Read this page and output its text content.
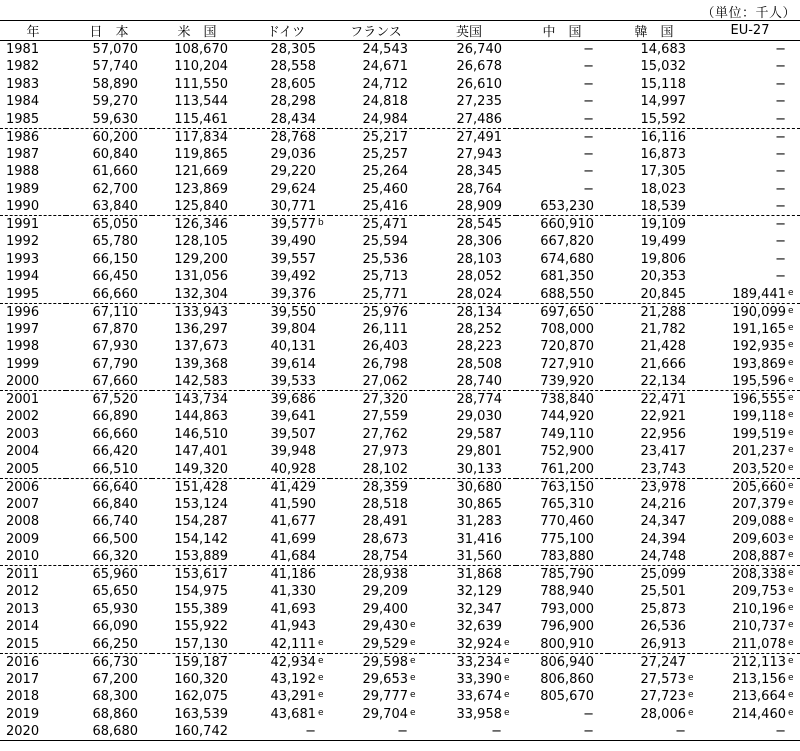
（単位：千人）
年	日　本	米　国	ドイツ	フランス	英国	中　国	韓　国	EU-27
1981	57,070	108,670	28,305	24,543	26,740	−	14,683	−
1982	57,740	110,204	28,558	24,671	26,678	−	15,032	−
1983	58,890	111,550	28,605	24,712	26,610	−	15,118	−
1984	59,270	113,544	28,298	24,818	27,235	−	14,997	−
1985	59,630	115,461	28,434	24,984	27,486	−	15,592	−
1986	60,200	117,834	28,768	25,217	27,491	−	16,116	−
1987	60,840	119,865	29,036	25,257	27,943	−	16,873	−
1988	61,660	121,669	29,220	25,264	28,345	−	17,305	−
1989	62,700	123,869	29,624	25,460	28,764	−	18,023	−
1990	63,840	125,840	30,771	25,416	28,909	653,230	18,539	−
1991	65,050	126,346	39,577 b	25,471	28,545	660,910	19,109	−
1992	65,780	128,105	39,490	25,594	28,306	667,820	19,499	−
1993	66,150	129,200	39,557	25,536	28,103	674,680	19,806	−
1994	66,450	131,056	39,492	25,713	28,052	681,350	20,353	−
1995	66,660	132,304	39,376	25,771	28,024	688,550	20,845	189,441 e
1996	67,110	133,943	39,550	25,976	28,134	697,650	21,288	190,099 e
1997	67,870	136,297	39,804	26,111	28,252	708,000	21,782	191,165 e
1998	67,930	137,673	40,131	26,403	28,223	720,870	21,428	192,935 e
1999	67,790	139,368	39,614	26,798	28,508	727,910	21,666	193,869 e
2000	67,660	142,583	39,533	27,062	28,740	739,920	22,134	195,596 e
2001	67,520	143,734	39,686	27,320	28,774	738,840	22,471	196,555 e
2002	66,890	144,863	39,641	27,559	29,030	744,920	22,921	199,118 e
2003	66,660	146,510	39,507	27,762	29,587	749,110	22,956	199,519 e
2004	66,420	147,401	39,948	27,973	29,801	752,900	23,417	201,237 e
2005	66,510	149,320	40,928	28,102	30,133	761,200	23,743	203,520 e
2006	66,640	151,428	41,429	28,359	30,680	763,150	23,978	205,660 e
2007	66,840	153,124	41,590	28,518	30,865	765,310	24,216	207,379 e
2008	66,740	154,287	41,677	28,491	31,283	770,460	24,347	209,088 e
2009	66,500	154,142	41,699	28,673	31,416	775,100	24,394	209,603 e
2010	66,320	153,889	41,684	28,754	31,560	783,880	24,748	208,887 e
2011	65,960	153,617	41,186	28,938	31,868	785,790	25,099	208,338 e
2012	65,650	154,975	41,330	29,209	32,129	788,940	25,501	209,753 e
2013	65,930	155,389	41,693	29,400	32,347	793,000	25,873	210,196 e
2014	66,090	155,922	41,943	29,430 e	32,639	796,900	26,536	210,737 e
2015	66,250	157,130	42,111 e	29,529 e	32,924 e	800,910	26,913	211,078 e
2016	66,730	159,187	42,934 e	29,598 e	33,234 e	806,940	27,247	212,113 e
2017	67,200	160,320	43,192 e	29,653 e	33,390 e	806,860	27,573 e	213,156 e
2018	68,300	162,075	43,291 e	29,777 e	33,674 e	805,670	27,723 e	213,664 e
2019	68,860	163,539	43,681 e	29,704 e	33,958 e	−	28,006 e	214,460 e
2020	68,680	160,742	−	−	−	−	−	−
